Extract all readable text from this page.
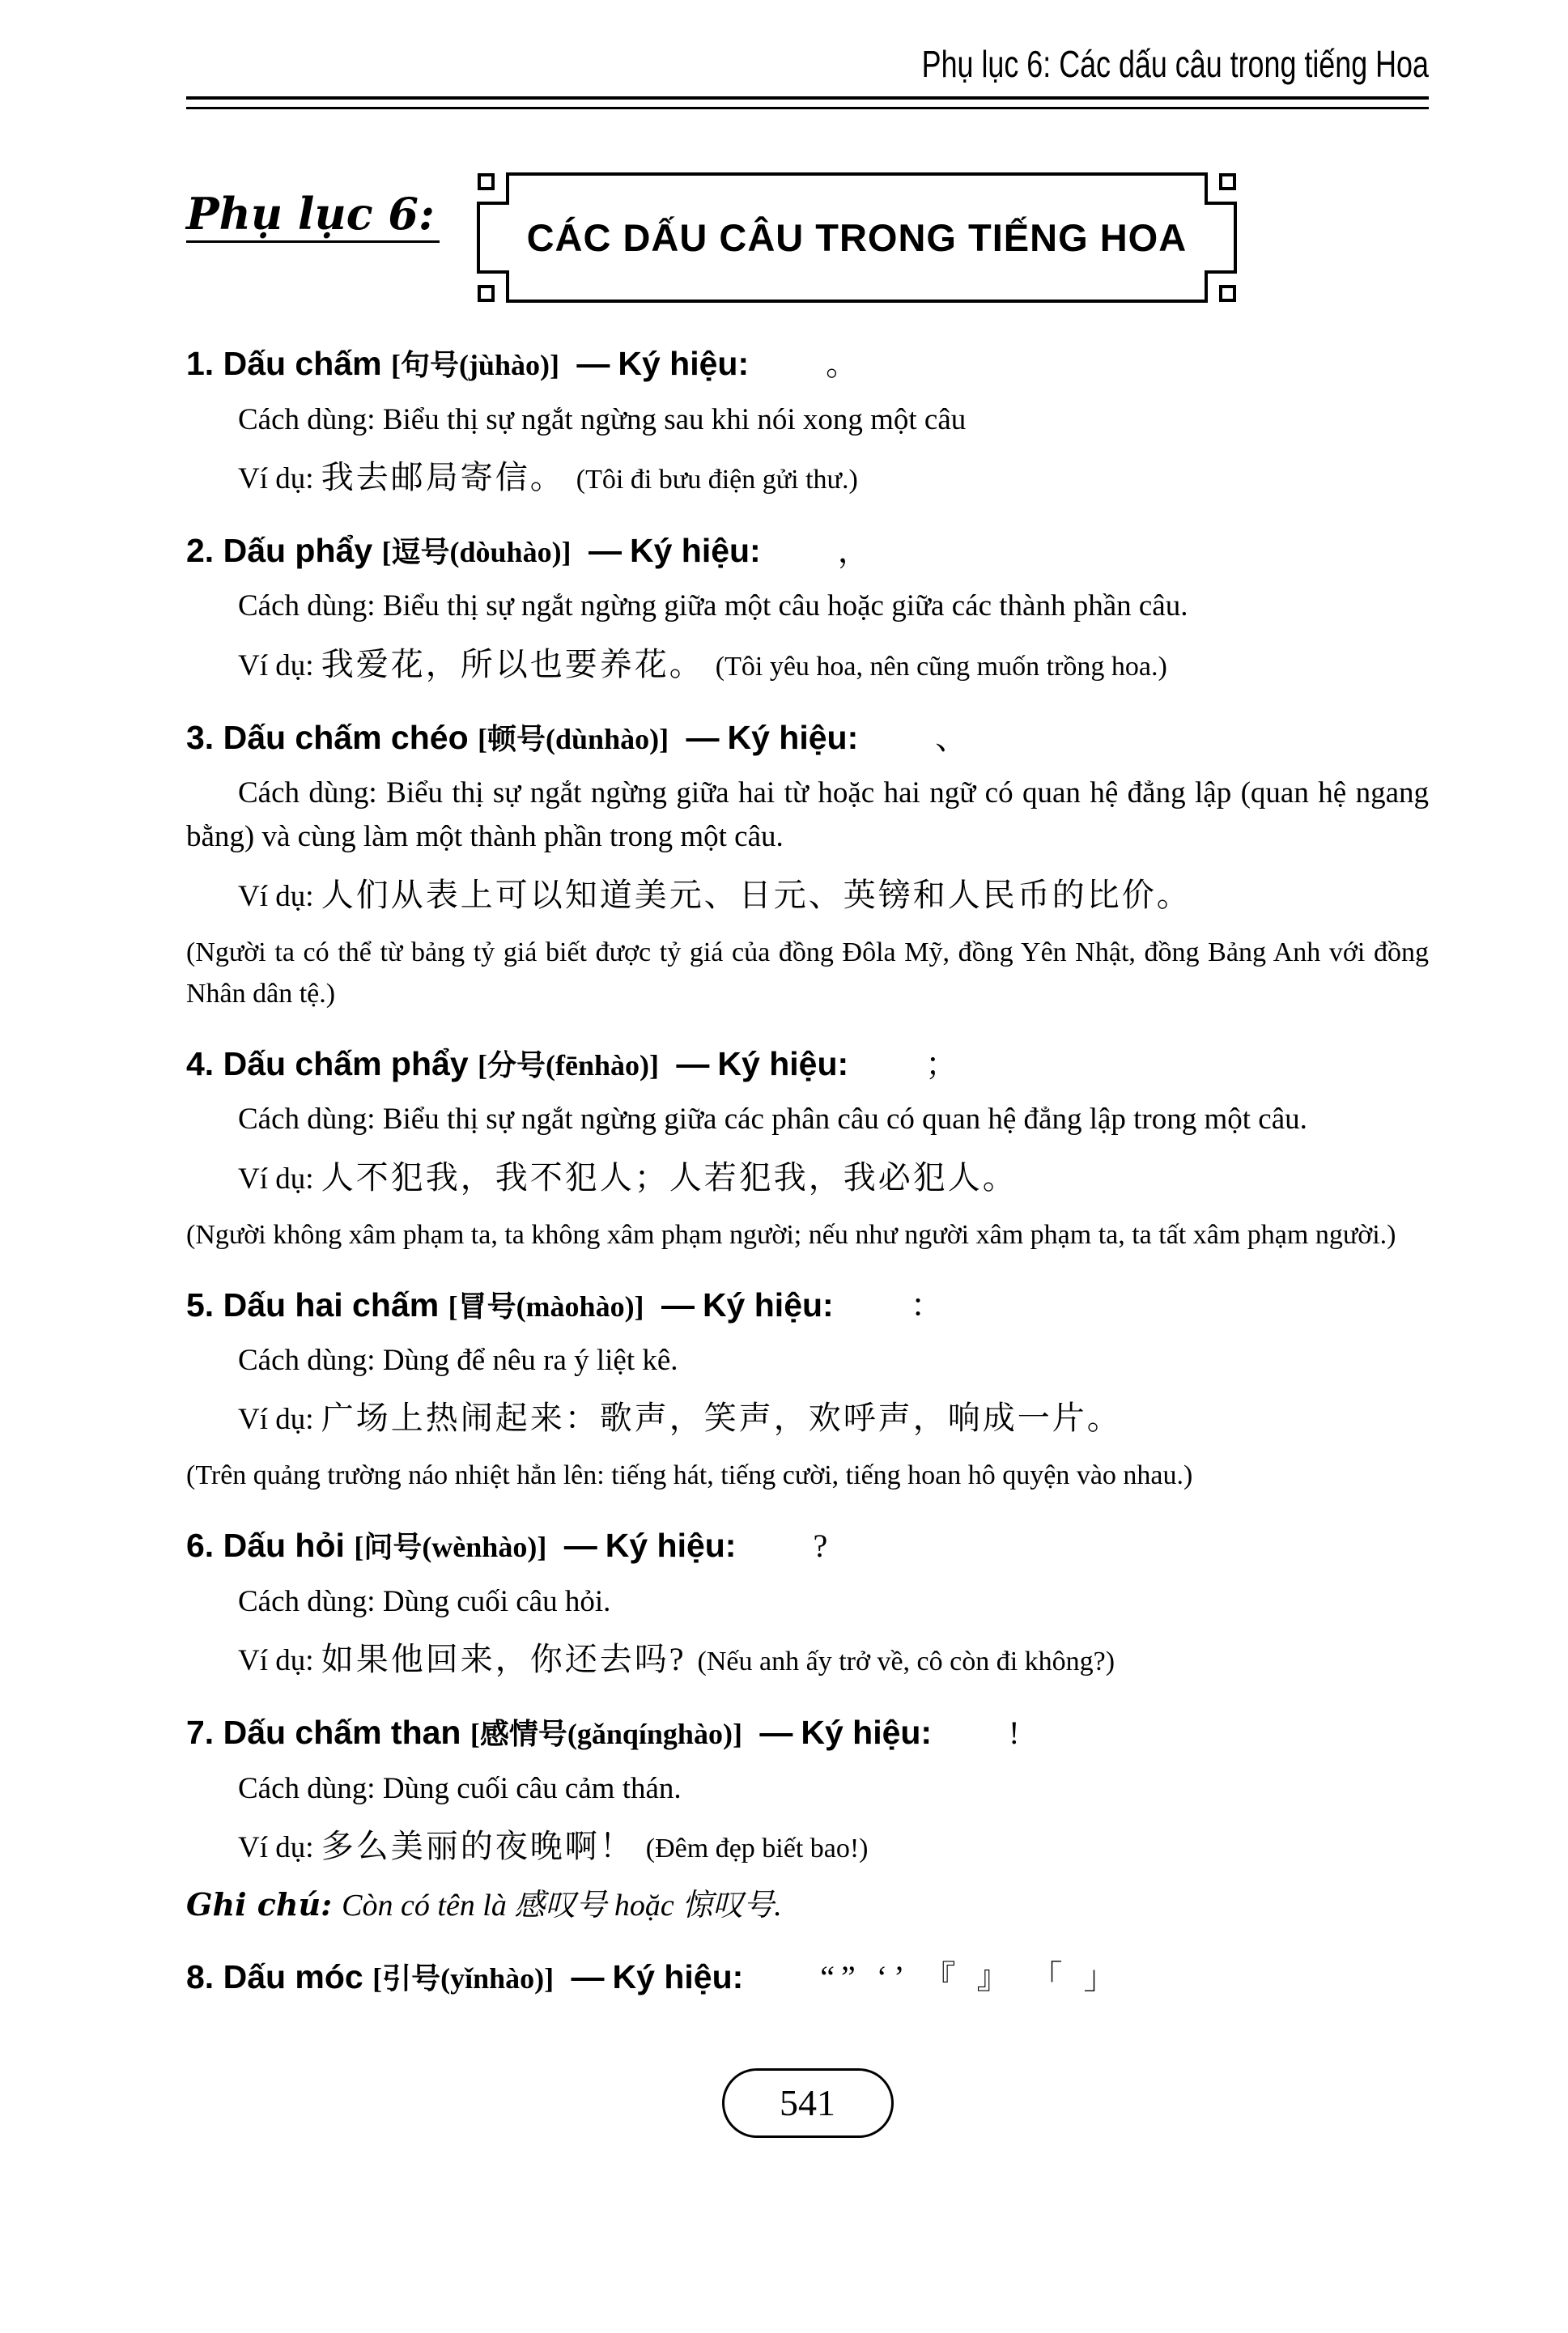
Phụ lục 6: Các dấu câu trong tiếng Hoa
Phụ lục 6: CÁC DẤU CÂU TRONG TIẾNG HOA
1. Dấu chấm [句号(jùhào)] — Ký hiệu: 。

Cách dùng: Biểu thị sự ngắt ngừng sau khi nói xong một câu

Ví dụ: 我去邮局寄信。 (Tôi đi bưu điện gửi thư.)

2. Dấu phẩy [逗号(dòuhào)] — Ký hiệu: ，

Cách dùng: Biểu thị sự ngắt ngừng giữa một câu hoặc giữa các thành phần câu.

Ví dụ: 我爱花，所以也要养花。 (Tôi yêu hoa, nên cũng muốn trồng hoa.)

3. Dấu chấm chéo [顿号(dùnhào)] — Ký hiệu: 、

Cách dùng: Biểu thị sự ngắt ngừng giữa hai từ hoặc hai ngữ có quan hệ đẳng lập (quan hệ ngang bằng) và cùng làm một thành phần trong một câu.

Ví dụ: 人们从表上可以知道美元、日元、英镑和人民币的比价。

(Người ta có thể từ bảng tỷ giá biết được tỷ giá của đồng Đôla Mỹ, đồng Yên Nhật, đồng Bảng Anh với đồng Nhân dân tệ.)

4. Dấu chấm phẩy [分号(fēnhào)] — Ký hiệu: ；

Cách dùng: Biểu thị sự ngắt ngừng giữa các phân câu có quan hệ đẳng lập trong một câu.

Ví dụ: 人不犯我，我不犯人；人若犯我，我必犯人。

(Người không xâm phạm ta, ta không xâm phạm người; nếu như người xâm phạm ta, ta tất xâm phạm người.)

5. Dấu hai chấm [冒号(màohào)] — Ký hiệu: ：

Cách dùng: Dùng để nêu ra ý liệt kê.

Ví dụ: 广场上热闹起来：歌声，笑声，欢呼声，响成一片。

(Trên quảng trường náo nhiệt hẳn lên: tiếng hát, tiếng cười, tiếng hoan hô quyện vào nhau.)

6. Dấu hỏi [问号(wènhào)] — Ký hiệu: ?

Cách dùng: Dùng cuối câu hỏi.

Ví dụ: 如果他回来，你还去吗? (Nếu anh ấy trở về, cô còn đi không?)

7. Dấu chấm than [感情号(gǎnqínghào)] — Ký hiệu: !

Cách dùng: Dùng cuối câu cảm thán.

Ví dụ: 多么美丽的夜晚啊！ (Đêm đẹp biết bao!)

Ghi chú: Còn có tên là 感叹号 hoặc 惊叹号.

8. Dấu móc [引号(yǐnhào)] — Ký hiệu: “” ‘’ 『 』 「 」
541
